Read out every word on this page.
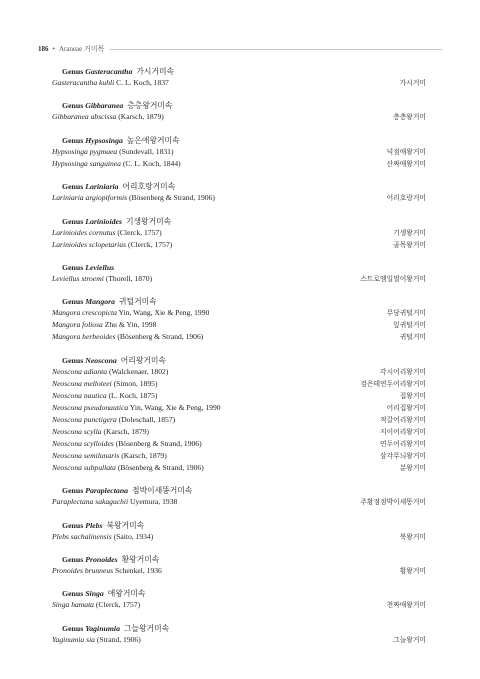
186 • Araneae 거미목
Genus Gasteracantha 가시거미속
Gasteracantha kuhli C. L. Koch, 1837	가시거미
Genus Gibbaranea 층층왕거미속
Gibbaranea abscissa (Karsch, 1879)	층층왕거미
Genus Hypsosinga 높은애왕거미속
Hypsosinga pygmaea (Sundevall, 1831)	넉점애왕거미
Hypsosinga sanguinea (C. L. Koch, 1844)	산짜애왕거미
Genus Lariniaria 어리호랑거미속
Lariniaria argiopiformis (Bösenberg & Strand, 1906)	어리호랑거미
Genus Larinioides 기생왕거미속
Larinioides cornutus (Clerck, 1757)	기생왕거미
Larinioides sclopetarius (Clerck, 1757)	골목왕거미
Genus Leviellus
Leviellus stroemi (Thorell, 1870)	스트로엠일벌이왕거미
Genus Mangora 귀털거미속
Mangora crescopicta Yin, Wang, Xie & Peng, 1990	무당귀털거미
Mangora foliosa Zhu & Yin, 1998	잎귀털거미
Mangora herbeoides (Bösenberg & Strand, 1906)	귀털거미
Genus Neoscona 어리왕거미속
Neoscona adianta (Walckenaer, 1802)	각시어리왕거미
Neoscona melloteei (Simon, 1895)	검은테연두어리왕거미
Neoscona nautica (L. Koch, 1875)	집왕거미
Neoscona pseudonautica Yin, Wang, Xie & Peng, 1990	어리집왕거미
Neoscona punctigera (Doleschall, 1857)	적갈어리왕거미
Neoscona scylla (Karsch, 1879)	지이어리왕거미
Neoscona scylloides (Bösenberg & Strand, 1906)	연두어리왕거미
Neoscona semilunaris (Karsch, 1879)	삼각무늬왕거미
Neoscona subpullata (Bösenberg & Strand, 1906)	분왕거미
Genus Paraplectana 점박이새똥거미속
Paraplectana sakaguchii Uyemura, 1938	주황점점박이새똥거미
Genus Plebs 북왕거미속
Plebs sachalinensis (Saito, 1934)	북왕거미
Genus Pronoides 황왕거미속
Pronoides brunneus Schenkel, 1936	황왕거미
Genus Singa 애왕거미속
Singa hamata (Clerck, 1757)	천짜애왕거미
Genus Yaginumia 그늘왕거미속
Yaginumia sia (Strand, 1906)	그늘왕거미
